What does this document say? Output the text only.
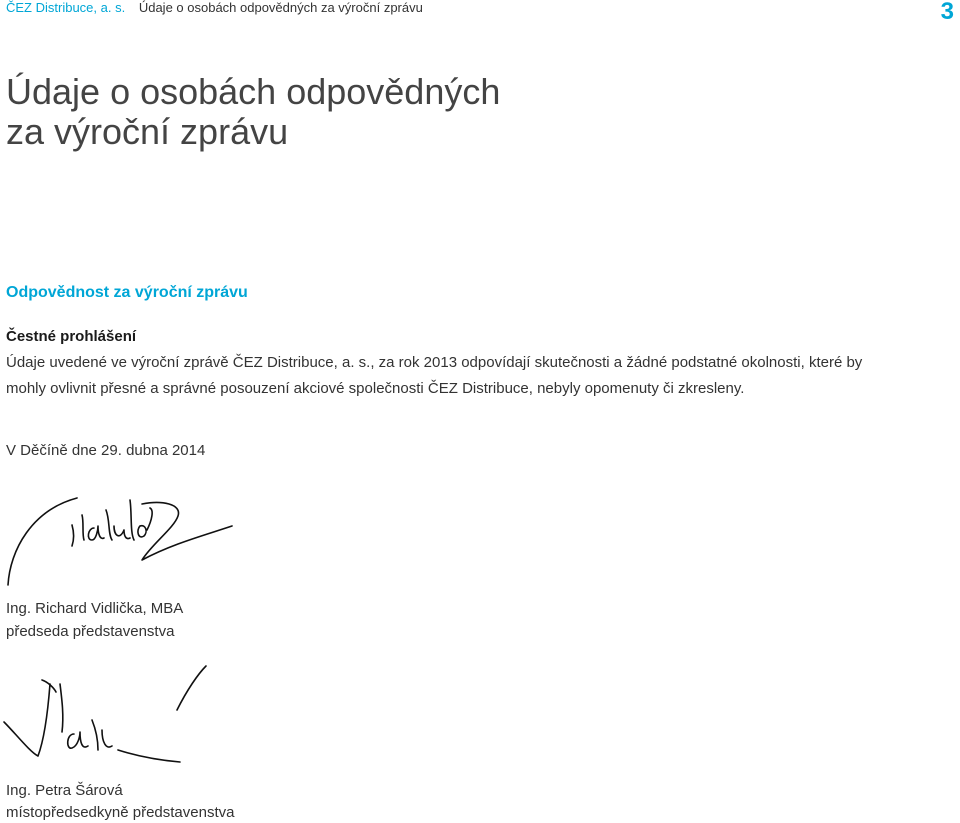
ČEZ Distribuce, a. s. Údaje o osobách odpovědných za výroční zprávu	3
Údaje o osobách odpovědných
za výroční zprávu
Odpovědnost za výroční zprávu
Čestné prohlášení

Údaje uvedené ve výroční zprávě ČEZ Distribuce, a. s., za rok 2013 odpovídají skutečnosti a žádné podstatné okolnosti, které by mohly ovlivnit přesné a správné posouzení akciové společnosti ČEZ Distribuce, nebyly opomenuty či zkresleny.

V Děčíně dne 29. dubna 2014

Ing. Richard Vidlička, MBA
předseda představenstva
Ing. Petra Šárová
místopředsedkyně představenstva
